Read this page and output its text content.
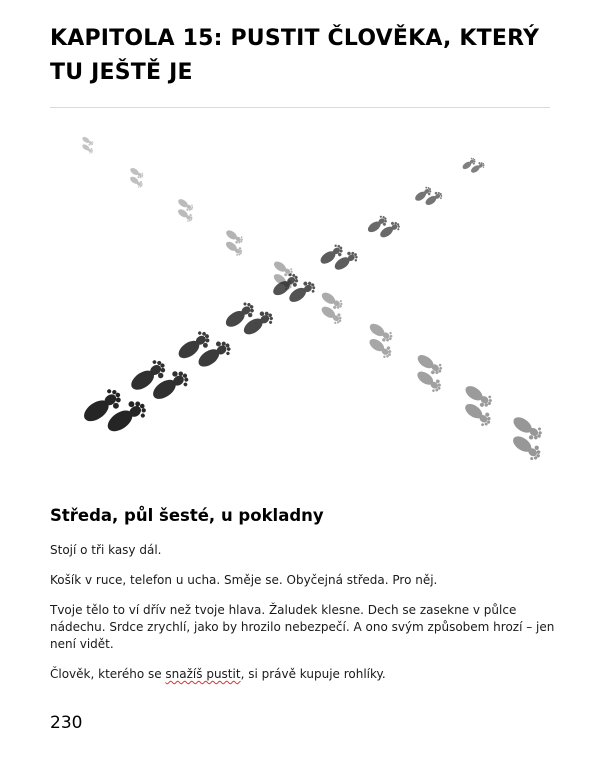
KAPITOLA 15: PUSTIT ČLOVĚKA, KTERÝ
TU JEŠTĚ JE
Středa, půl šesté, u pokladny

Stojí o tři kasy dál.

Košík v ruce, telefon u ucha. Směje se. Obyčejná středa. Pro něj.

Tvoje tělo to ví dřív než tvoje hlava. Žaludek klesne. Dech se zasekne v půlce
nádechu. Srdce zrychlí, jako by hrozilo nebezpečí. A ono svým způsobem hrozí – jen
není vidět.

Člověk, kterého se snažíš pustit, si právě kupuje rohlíky.

230
